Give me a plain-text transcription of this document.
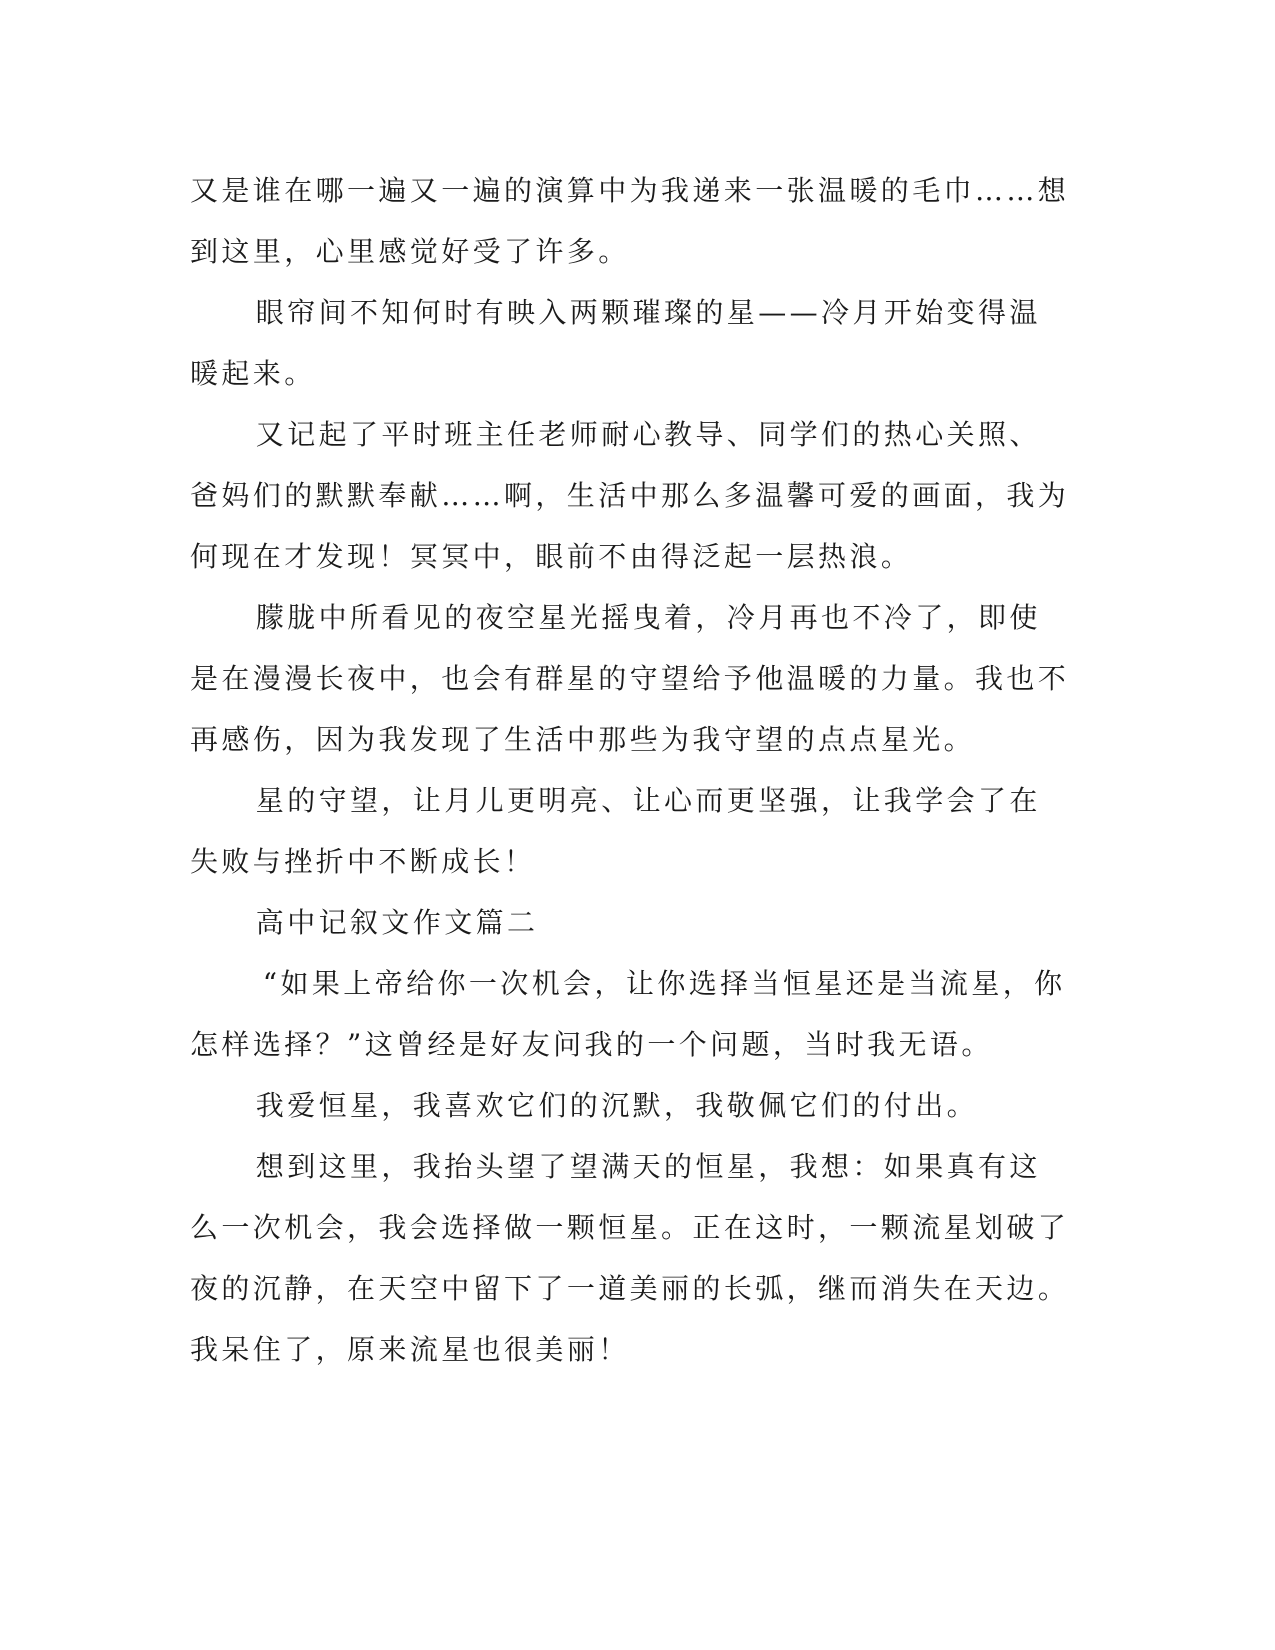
又是谁在哪一遍又一遍的演算中为我递来一张温暖的毛巾……想到这里，心里感觉好受了许多。

眼帘间不知何时有映入两颗璀璨的星——冷月开始变得温暖起来。

又记起了平时班主任老师耐心教导、同学们的热心关照、爸妈们的默默奉献……啊，生活中那么多温馨可爱的画面，我为何现在才发现！冥冥中，眼前不由得泛起一层热浪。

朦胧中所看见的夜空星光摇曳着，冷月再也不冷了，即使是在漫漫长夜中，也会有群星的守望给予他温暖的力量。我也不再感伤，因为我发现了生活中那些为我守望的点点星光。

星的守望，让月儿更明亮、让心而更坚强，让我学会了在失败与挫折中不断成长！

高中记叙文作文篇二

“如果上帝给你一次机会，让你选择当恒星还是当流星，你怎样选择？”这曾经是好友问我的一个问题，当时我无语。

我爱恒星，我喜欢它们的沉默，我敬佩它们的付出。

想到这里，我抬头望了望满天的恒星，我想：如果真有这么一次机会，我会选择做一颗恒星。正在这时，一颗流星划破了夜的沉静，在天空中留下了一道美丽的长弧，继而消失在天边。我呆住了，原来流星也很美丽！
